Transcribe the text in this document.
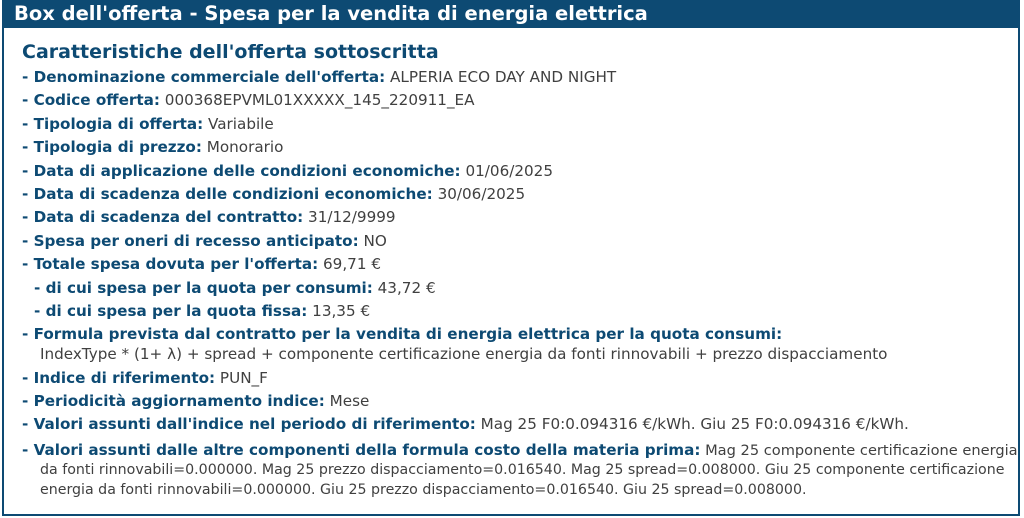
Box dell'offerta - Spesa per la vendita di energia elettrica
Caratteristiche dell'offerta sottoscritta
- Denominazione commerciale dell'offerta: ALPERIA ECO DAY AND NIGHT
- Codice offerta: 000368EPVML01XXXXX_145_220911_EA
- Tipologia di offerta: Variabile
- Tipologia di prezzo: Monorario
- Data di applicazione delle condizioni economiche: 01/06/2025
- Data di scadenza delle condizioni economiche: 30/06/2025
- Data di scadenza del contratto: 31/12/9999
- Spesa per oneri di recesso anticipato: NO
- Totale spesa dovuta per l'offerta: 69,71 €
- di cui spesa per la quota per consumi: 43,72 €
- di cui spesa per la quota fissa: 13,35 €
- Formula prevista dal contratto per la vendita di energia elettrica per la quota consumi:
IndexType * (1+ λ) + spread + componente certificazione energia da fonti rinnovabili + prezzo dispacciamento
- Indice di riferimento: PUN_F
- Periodicità aggiornamento indice: Mese
- Valori assunti dall'indice nel periodo di riferimento: Mag 25 F0:0.094316 €/kWh. Giu 25 F0:0.094316 €/kWh.
- Valori assunti dalle altre componenti della formula costo della materia prima: Mag 25 componente certificazione energia
da fonti rinnovabili=0.000000. Mag 25 prezzo dispacciamento=0.016540. Mag 25 spread=0.008000. Giu 25 componente certificazione
energia da fonti rinnovabili=0.000000. Giu 25 prezzo dispacciamento=0.016540. Giu 25 spread=0.008000.
